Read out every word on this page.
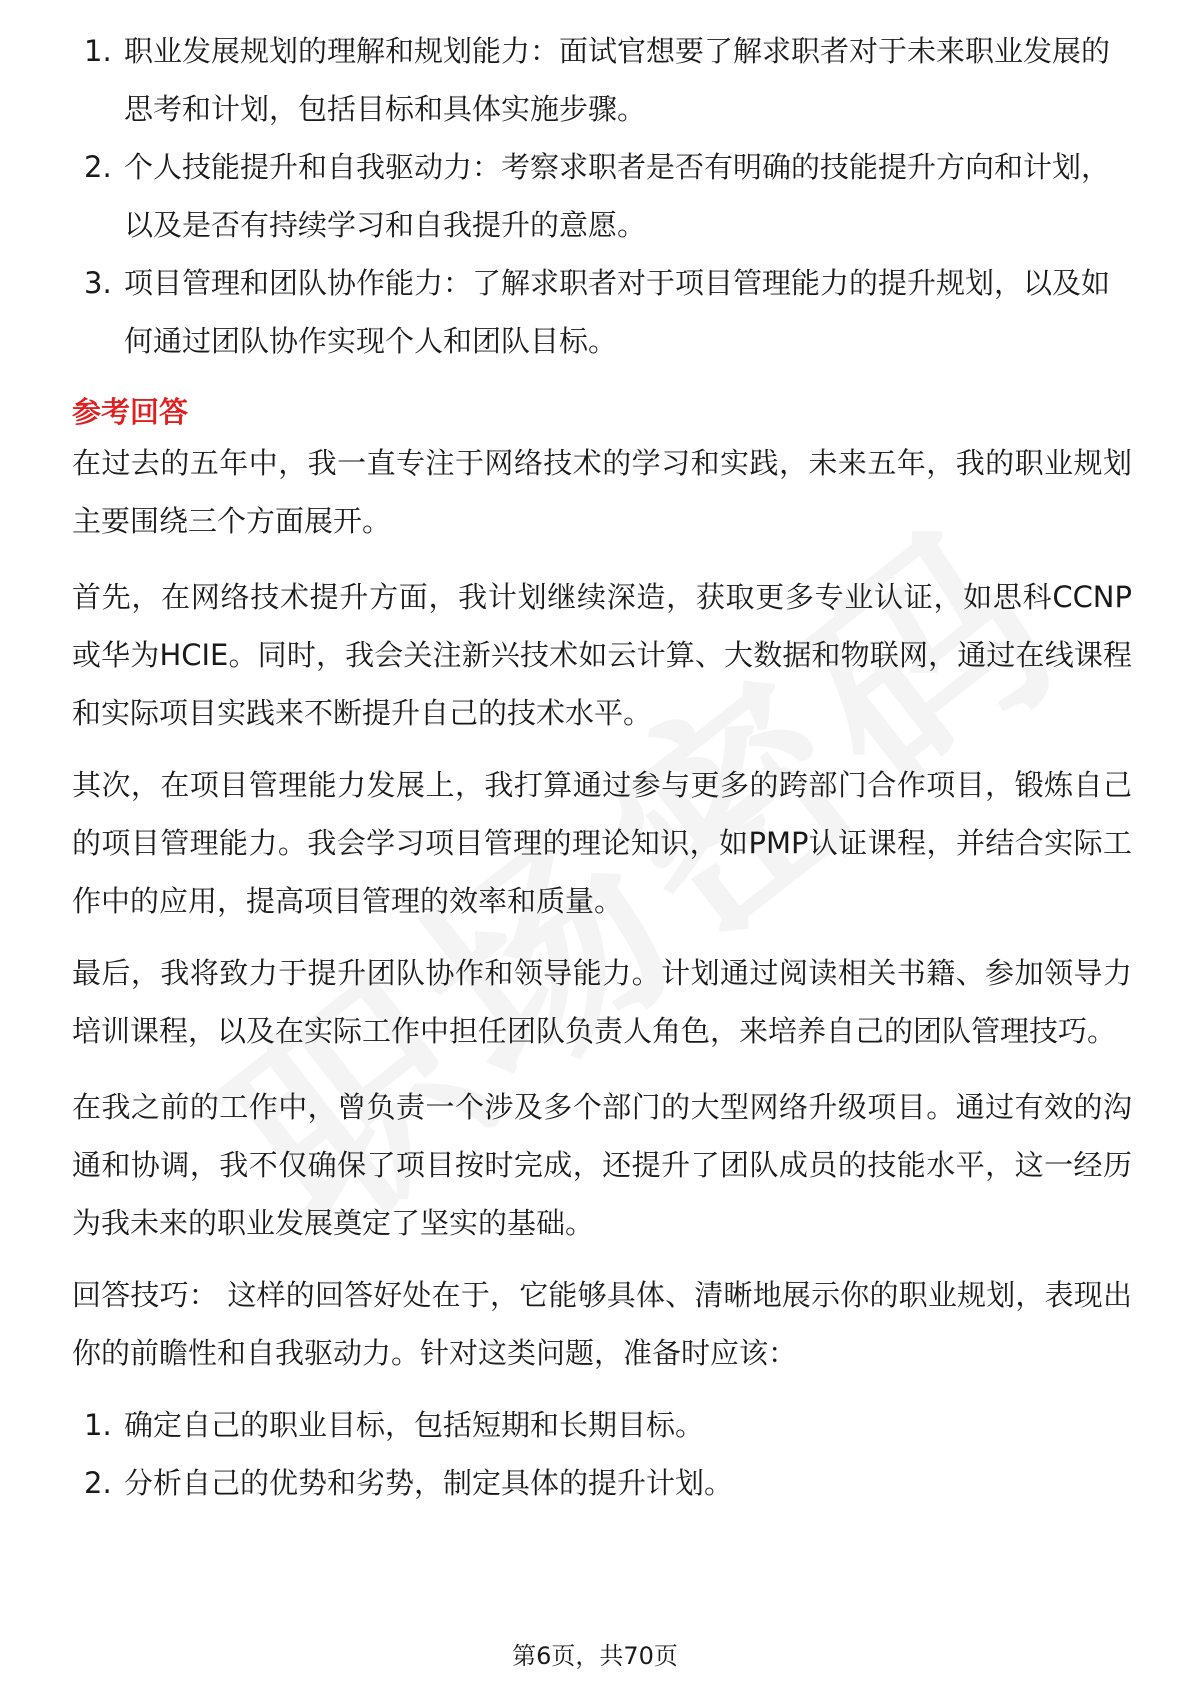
1. 职业发展规划的理解和规划能力：面试官想要了解求职者对于未来职业发展的思考和计划，包括目标和具体实施步骤。
2. 个人技能提升和自我驱动力：考察求职者是否有明确的技能提升方向和计划，以及是否有持续学习和自我提升的意愿。
3. 项目管理和团队协作能力：了解求职者对于项目管理能力的提升规划，以及如何通过团队协作实现个人和团队目标。
参考回答
在过去的五年中，我一直专注于网络技术的学习和实践，未来五年，我的职业规划主要围绕三个方面展开。
首先，在网络技术提升方面，我计划继续深造，获取更多专业认证，如思科CCNP或华为HCIE。同时，我会关注新兴技术如云计算、大数据和物联网，通过在线课程和实际项目实践来不断提升自己的技术水平。
其次，在项目管理能力发展上，我打算通过参与更多的跨部门合作项目，锻炼自己的项目管理能力。我会学习项目管理的理论知识，如PMP认证课程，并结合实际工作中的应用，提高项目管理的效率和质量。
最后，我将致力于提升团队协作和领导能力。计划通过阅读相关书籍、参加领导力培训课程，以及在实际工作中担任团队负责人角色，来培养自己的团队管理技巧。
在我之前的工作中，曾负责一个涉及多个部门的大型网络升级项目。通过有效的沟通和协调，我不仅确保了项目按时完成，还提升了团队成员的技能水平，这一经历为我未来的职业发展奠定了坚实的基础。
回答技巧： 这样的回答好处在于，它能够具体、清晰地展示你的职业规划，表现出你的前瞻性和自我驱动力。针对这类问题，准备时应该：
1. 确定自己的职业目标，包括短期和长期目标。
2. 分析自己的优势和劣势，制定具体的提升计划。
第6页，共70页
